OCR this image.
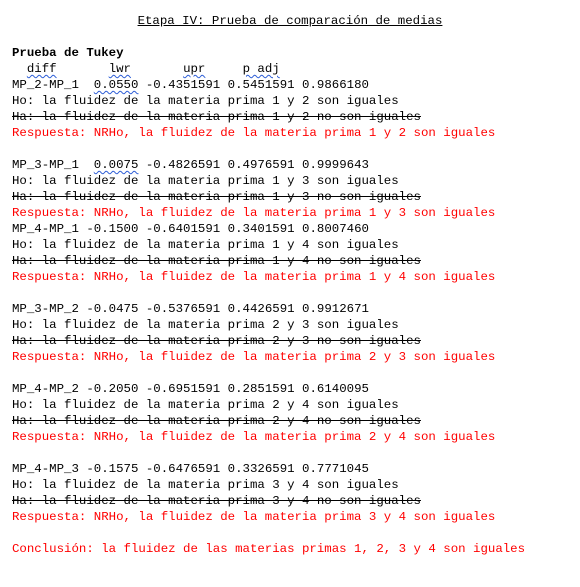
Etapa IV: Prueba de comparación de medias
Prueba de Tukey
diff	lwr	upr	p adj
MP_2-MP_1 0.0550 -0.4351591 0.5451591 0.9866180
Ho: la fluidez de la materia prima 1 y 2 son iguales
Ha: la fluidez de la materia prima 1 y 2 no son iguales
Respuesta: NRHo, la fluidez de la materia prima 1 y 2 son iguales
MP_3-MP_1 0.0075 -0.4826591 0.4976591 0.9999643
Ho: la fluidez de la materia prima 1 y 3 son iguales
Ha: la fluidez de la materia prima 1 y 3 no son iguales
Respuesta: NRHo, la fluidez de la materia prima 1 y 3 son iguales
MP_4-MP_1 -0.1500 -0.6401591 0.3401591 0.8007460
Ho: la fluidez de la materia prima 1 y 4 son iguales
Ha: la fluidez de la materia prima 1 y 4 no son iguales
Respuesta: NRHo, la fluidez de la materia prima 1 y 4 son iguales
MP_3-MP_2 -0.0475 -0.5376591 0.4426591 0.9912671
Ho: la fluidez de la materia prima 2 y 3 son iguales
Ha: la fluidez de la materia prima 2 y 3 no son iguales
Respuesta: NRHo, la fluidez de la materia prima 2 y 3 son iguales
MP_4-MP_2 -0.2050 -0.6951591 0.2851591 0.6140095
Ho: la fluidez de la materia prima 2 y 4 son iguales
Ha: la fluidez de la materia prima 2 y 4 no son iguales
Respuesta: NRHo, la fluidez de la materia prima 2 y 4 son iguales
MP_4-MP_3 -0.1575 -0.6476591 0.3326591 0.7771045
Ho: la fluidez de la materia prima 3 y 4 son iguales
Ha: la fluidez de la materia prima 3 y 4 no son iguales
Respuesta: NRHo, la fluidez de la materia prima 3 y 4 son iguales
Conclusión: la fluidez de las materias primas 1, 2, 3 y 4 son iguales
